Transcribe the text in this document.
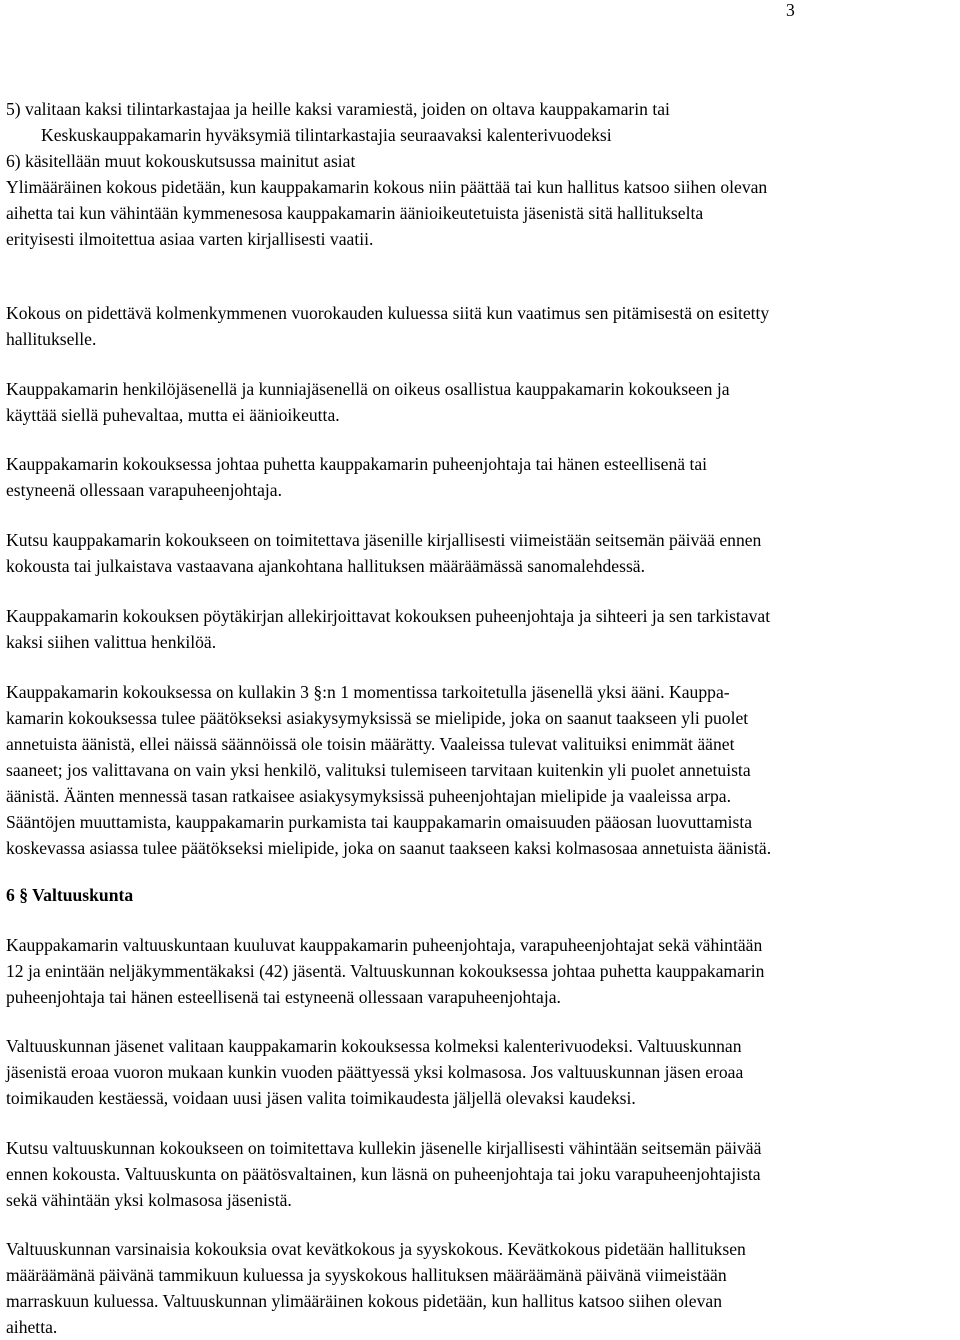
3
5) valitaan kaksi tilintarkastajaa ja heille kaksi varamiestä, joiden on oltava kauppakamarin tai
Keskuskauppakamarin hyväksymiä tilintarkastajia seuraavaksi kalenterivuodeksi
6) käsitellään muut kokouskutsussa mainitut asiat
Ylimääräinen kokous pidetään, kun kauppakamarin kokous niin päättää tai kun hallitus katsoo siihen olevan
aihetta tai kun vähintään kymmenesosa kauppakamarin äänioikeutetuista jäsenistä sitä hallitukselta
erityisesti ilmoitettua asiaa varten kirjallisesti vaatii.
Kokous on pidettävä kolmenkymmenen vuorokauden kuluessa siitä kun vaatimus sen pitämisestä on esitetty
hallitukselle.
Kauppakamarin henkilöjäsenellä ja kunniajäsenellä on oikeus osallistua kauppakamarin kokoukseen ja
käyttää siellä puhevaltaa, mutta ei äänioikeutta.
Kauppakamarin kokouksessa johtaa puhetta kauppakamarin puheenjohtaja tai hänen esteellisenä tai
estyneenä ollessaan varapuheenjohtaja.
Kutsu kauppakamarin kokoukseen on toimitettava jäsenille kirjallisesti viimeistään seitsemän päivää ennen
kokousta tai julkaistava vastaavana ajankohtana hallituksen määräämässä sanomalehdessä.
Kauppakamarin kokouksen pöytäkirjan allekirjoittavat kokouksen puheenjohtaja ja sihteeri ja sen tarkistavat
kaksi siihen valittua henkilöä.
Kauppakamarin kokouksessa on kullakin 3 §:n 1 momentissa tarkoitetulla jäsenellä yksi ääni. Kauppa-
kamarin kokouksessa tulee päätökseksi asiakysymyksissä se mielipide, joka on saanut taakseen yli puolet
annetuista äänistä, ellei näissä säännöissä ole toisin määrätty. Vaaleissa tulevat valituiksi enimmät äänet
saaneet; jos valittavana on vain yksi henkilö, valituksi tulemiseen tarvitaan kuitenkin yli puolet annetuista
äänistä. Äänten mennessä tasan ratkaisee asiakysymyksissä puheenjohtajan mielipide ja vaaleissa arpa.
Sääntöjen muuttamista, kauppakamarin purkamista tai kauppakamarin omaisuuden pääosan luovuttamista
koskevassa asiassa tulee päätökseksi mielipide, joka on saanut taakseen kaksi kolmasosaa annetuista äänistä.
6 § Valtuuskunta
Kauppakamarin valtuuskuntaan kuuluvat kauppakamarin puheenjohtaja, varapuheenjohtajat sekä vähintään
12 ja enintään neljäkymmentäkaksi (42) jäsentä. Valtuuskunnan kokouksessa johtaa puhetta kauppakamarin
puheenjohtaja tai hänen esteellisenä tai estyneenä ollessaan varapuheenjohtaja.
Valtuuskunnan jäsenet valitaan kauppakamarin kokouksessa kolmeksi kalenterivuodeksi. Valtuuskunnan
jäsenistä eroaa vuoron mukaan kunkin vuoden päättyessä yksi kolmasosa. Jos valtuuskunnan jäsen eroaa
toimikauden kestäessä, voidaan uusi jäsen valita toimikaudesta jäljellä olevaksi kaudeksi.
Kutsu valtuuskunnan kokoukseen on toimitettava kullekin jäsenelle kirjallisesti vähintään seitsemän päivää
ennen kokousta. Valtuuskunta on päätösvaltainen, kun läsnä on puheenjohtaja tai joku varapuheenjohtajista
sekä vähintään yksi kolmasosa jäsenistä.
Valtuuskunnan varsinaisia kokouksia ovat kevätkokous ja syyskokous. Kevätkokous pidetään hallituksen
määräämänä päivänä tammikuun kuluessa ja syyskokous hallituksen määräämänä päivänä viimeistään
marraskuun kuluessa. Valtuuskunnan ylimääräinen kokous pidetään, kun hallitus katsoo siihen olevan
aihetta.
